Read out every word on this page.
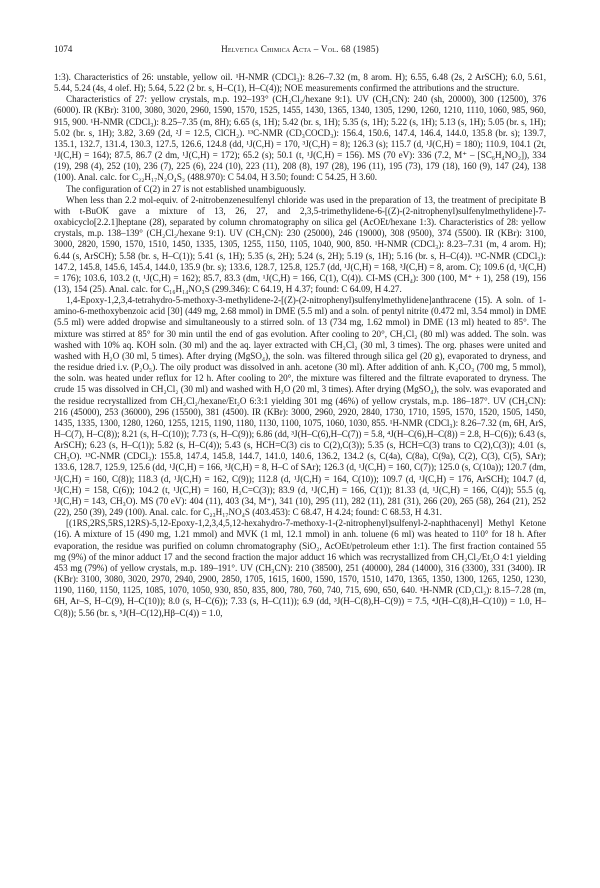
1074	Helvetica Chimica Acta – Vol. 68 (1985)

1:3). Characteristics of 26: unstable, yellow oil. ¹H-NMR (CDCl₃): 8.26–7.32 (m, 8 arom. H); 6.55, 6.48 (2s, 2 ArSCH); 6.0, 5.61, 5.44, 5.24 (4s, 4 olef. H); 5.64, 5.22 (2 br. s, H–C(1), H–C(4)); NOE measurements confirmed the attributions and the structure.

Characteristics of 27: yellow crystals, m.p. 192–193° (CH₂Cl₂/hexane 9:1). UV (CH₃CN): 240 (sh, 20000), 300 (12500), 376 (6000). IR (KBr): 3100, 3080, 3020, 2960, 1590, 1570, 1525, 1455, 1430, 1365, 1340, 1305, 1290, 1260, 1210, 1110, 1060, 985, 960, 915, 900. ¹H-NMR (CDCl₃): 8.25–7.35 (m, 8H); 6.65 (s, 1H); 5.42 (br. s, 1H); 5.35 (s, 1H); 5.22 (s, 1H); 5.13 (s, 1H); 5.05 (br. s, 1H); 5.02 (br. s, 1H); 3.82, 3.69 (2d, ²J = 12.5, ClCH₂). ¹³C-NMR (CD₃COCD₃): 156.4, 150.6, 147.4, 146.4, 144.0, 135.8 (br. s); 139.7, 135.1, 132.7, 131.4, 130.3, 127.5, 126.6, 124.8 (dd, ¹J(C,H) = 170, ³J(C,H) = 8); 126.3 (s); 115.7 (d, ¹J(C,H) = 180); 110.9, 104.1 (2t, ¹J(C,H) = 164); 87.5, 86.7 (2 dm, ¹J(C,H) = 172); 65.2 (s); 50.1 (t, ¹J(C,H) = 156). MS (70 eV): 336 (7.2, M⁺ – [SC₆H₄NO₂]), 334 (19), 298 (4), 252 (10), 236 (7), 225 (6), 224 (10), 223 (11), 208 (8), 197 (28), 196 (11), 195 (73), 179 (18), 160 (9), 147 (24), 138 (100). Anal. calc. for C₂₂H₁₇N₂O₄S₂ (488.970): C 54.04, H 3.50; found: C 54.25, H 3.60.

The configuration of C(2) in 27 is not established unambiguously.

When less than 2.2 mol-equiv. of 2-nitrobenzenesulfenyl chloride was used in the preparation of 13, the treatment of precipitate B with t-BuOK gave a mixture of 13, 26, 27, and 2,3,5-trimethylidene-6-[(Z)-(2-nitrophenyl)sulfenylmethylidene]-7-oxabicyclo[2.2.1]heptane (28), separated by column chromatography on silica gel (AcOEt/hexane 1:3). Characteristics of 28: yellow crystals, m.p. 138–139° (CH₂Cl₂/hexane 9:1). UV (CH₃CN): 230 (25000), 246 (19000), 308 (9500), 374 (5500). IR (KBr): 3100, 3000, 2820, 1590, 1570, 1510, 1450, 1335, 1305, 1255, 1150, 1105, 1040, 900, 850. ¹H-NMR (CDCl₃): 8.23–7.31 (m, 4 arom. H); 6.44 (s, ArSCH); 5.58 (br. s, H–C(1)); 5.41 (s, 1H); 5.35 (s, 2H); 5.24 (s, 2H); 5.19 (s, 1H); 5.16 (br. s, H–C(4)). ¹³C-NMR (CDCl₃): 147.2, 145.8, 145.6, 145.4, 144.0, 135.9 (br. s); 133.6, 128.7, 125.8, 125.7 (dd, ¹J(C,H) = 168, ³J(C,H) = 8, arom. C); 109.6 (d, ¹J(C,H) = 176); 103.6, 103.2 (t, ¹J(C,H) = 162); 85.7, 83.3 (dm, ¹J(C,H) = 166, C(1), C(4)). CI-MS (CH₄): 300 (100, M⁺ + 1), 258 (19), 156 (13), 154 (25). Anal. calc. for C₁₆H₁₄NO₃S (299.346): C 64.19, H 4.37; found: C 64.09, H 4.27.

1,4-Epoxy-1,2,3,4-tetrahydro-5-methoxy-3-methylidene-2-[(Z)-(2-nitrophenyl)sulfenylmethylidene]anthracene (15). A soln. of 1-amino-6-methoxybenzoic acid [30] (449 mg, 2.68 mmol) in DME (5.5 ml) and a soln. of pentyl nitrite (0.472 ml, 3.54 mmol) in DME (5.5 ml) were added dropwise and simultaneously to a stirred soln. of 13 (734 mg, 1.62 mmol) in DME (13 ml) heated to 85°. The mixture was stirred at 85° for 30 min until the end of gas evolution. After cooling to 20°, CH₂Cl₂ (80 ml) was added. The soln. was washed with 10% aq. KOH soln. (30 ml) and the aq. layer extracted with CH₂Cl₂ (30 ml, 3 times). The org. phases were united and washed with H₂O (30 ml, 5 times). After drying (MgSO₄), the soln. was filtered through silica gel (20 g), evaporated to dryness, and the residue dried i.v. (P₂O₅). The oily product was dissolved in anh. acetone (30 ml). After addition of anh. K₂CO₃ (700 mg, 5 mmol), the soln. was heated under reflux for 12 h. After cooling to 20°, the mixture was filtered and the filtrate evaporated to dryness. The crude 15 was dissolved in CH₂Cl₂ (30 ml) and washed with H₂O (20 ml, 3 times). After drying (MgSO₄), the solv. was evaporated and the residue recrystallized from CH₂Cl₂/hexane/Et₂O 6:3:1 yielding 301 mg (46%) of yellow crystals, m.p. 186–187°. UV (CH₃CN): 216 (45000), 253 (36000), 296 (15500), 381 (4500). IR (KBr): 3000, 2960, 2920, 2840, 1730, 1710, 1595, 1570, 1520, 1505, 1450, 1435, 1335, 1300, 1280, 1260, 1255, 1215, 1190, 1180, 1130, 1100, 1075, 1060, 1030, 855. ¹H-NMR (CDCl₃): 8.26–7.32 (m, 6H, ArS, H–C(7), H–C(8)); 8.21 (s, H–C(10)); 7.73 (s, H–C(9)); 6.86 (dd, ³J(H–C(6),H–C(7)) = 5.8, ⁴J(H–C(6),H–C(8)) = 2.8, H–C(6)); 6.43 (s, ArSCH); 6.23 (s, H–C(1)); 5.82 (s, H–C(4)); 5.43 (s, HCH=C(3) cis to C(2),C(3)); 5.35 (s, HCH=C(3) trans to C(2),C(3)); 4.01 (s, CH₃O). ¹³C-NMR (CDCl₃): 155.8, 147.4, 145.8, 144.7, 141.0, 140.6, 136.2, 134.2 (s, C(4a), C(8a), C(9a), C(2), C(3), C(5), SAr); 133.6, 128.7, 125.9, 125.6 (dd, ¹J(C,H) = 166, ³J(C,H) = 8, H–C of SAr); 126.3 (d, ¹J(C,H) = 160, C(7)); 125.0 (s, C(10a)); 120.7 (dm, ¹J(C,H) = 160, C(8)); 118.3 (d, ¹J(C,H) = 162, C(9)); 112.8 (d, ¹J(C,H) = 164, C(10)); 109.7 (d, ¹J(C,H) = 176, ArSCH); 104.7 (d, ¹J(C,H) = 158, C(6)); 104.2 (t, ¹J(C,H) = 160, H₂C=C(3)); 83.9 (d, ¹J(C,H) = 166, C(1)); 81.33 (d, ¹J(C,H) = 166, C(4)); 55.5 (q, ¹J(C,H) = 143, CH₃O). MS (70 eV): 404 (11), 403 (34, M⁺), 341 (10), 295 (11), 282 (11), 281 (31), 266 (20), 265 (58), 264 (21), 252 (22), 250 (39), 249 (100). Anal. calc. for C₂₃H₁₇NO₄S (403.453): C 68.47, H 4.24; found: C 68.53, H 4.31.

[(1RS,2RS,5RS,12RS)-5,12-Epoxy-1,2,3,4,5,12-hexahydro-7-methoxy-1-(2-nitrophenyl)sulfenyl-2-naphthacenyl] Methyl Ketone (16). A mixture of 15 (490 mg, 1.21 mmol) and MVK (1 ml, 12.1 mmol) in anh. toluene (6 ml) was heated to 110° for 18 h. After evaporation, the residue was purified on column chromatography (SiO₂, AcOEt/petroleum ether 1:1). The first fraction contained 55 mg (9%) of the minor adduct 17 and the second fraction the major adduct 16 which was recrystallized from CH₂Cl₂/Et₂O 4:1 yielding 453 mg (79%) of yellow crystals, m.p. 189–191°. UV (CH₃CN): 210 (38500), 251 (40000), 284 (14000), 316 (3300), 331 (3400). IR (KBr): 3100, 3080, 3020, 2970, 2940, 2900, 2850, 1705, 1615, 1600, 1590, 1570, 1510, 1470, 1365, 1350, 1300, 1265, 1250, 1230, 1190, 1160, 1150, 1125, 1085, 1070, 1050, 930, 850, 835, 800, 780, 760, 740, 715, 690, 650, 640. ¹H-NMR (CD₂Cl₂): 8.15–7.28 (m, 6H, Ar–S, H–C(9), H–C(10)); 8.0 (s, H–C(6)); 7.33 (s, H–C(11)); 6.9 (dd, ³J(H–C(8),H–C(9)) = 7.5, ⁴J(H–C(8),H–C(10)) = 1.0, H–C(8)); 5.56 (br. s, ⁵J(H–C(12),Hβ–C(4)) = 1.0,
